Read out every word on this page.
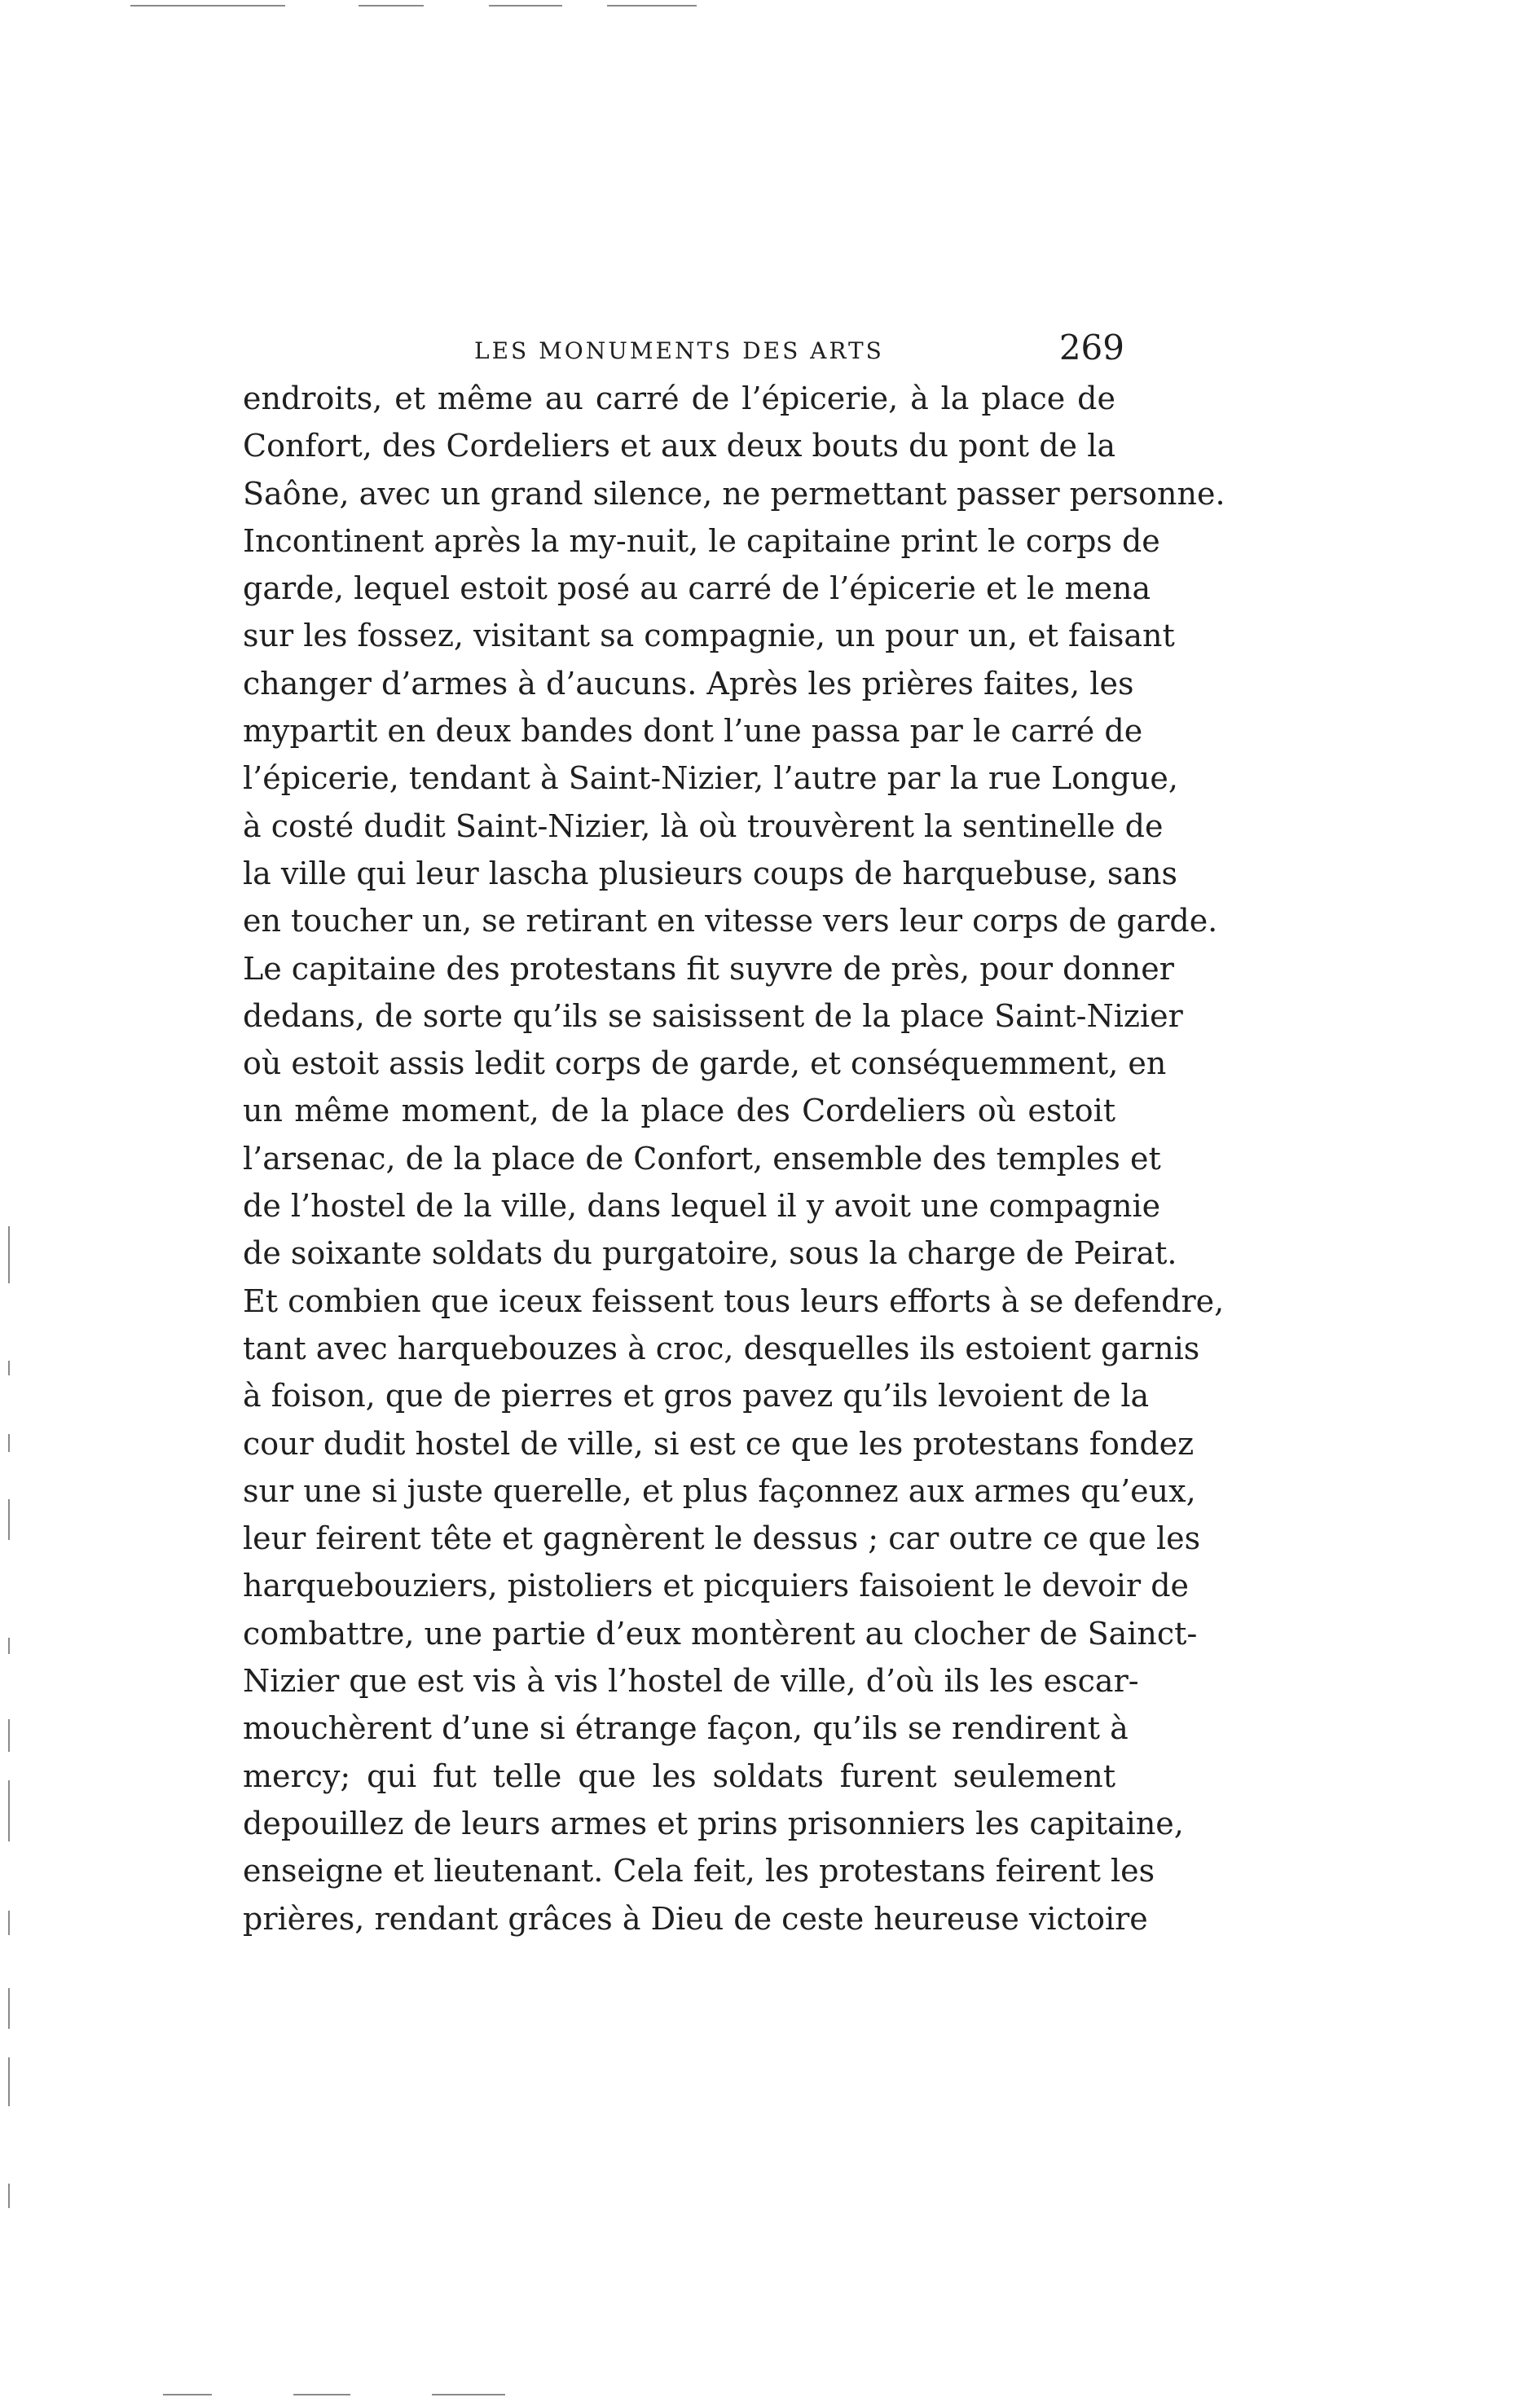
LES MONUMENTS DES ARTS	269
endroits, et même au carré de l’épicerie, à la place de
Confort, des Cordeliers et aux deux bouts du pont de la
Saône, avec un grand silence, ne permettant passer personne.
Incontinent après la my-nuit, le capitaine print le corps de
garde, lequel estoit posé au carré de l’épicerie et le mena
sur les fossez, visitant sa compagnie, un pour un, et faisant
changer d’armes à d’aucuns. Après les prières faites, les
mypartit en deux bandes dont l’une passa par le carré de
l’épicerie, tendant à Saint-Nizier, l’autre par la rue Longue,
à costé dudit Saint-Nizier, là où trouvèrent la sentinelle de
la ville qui leur lascha plusieurs coups de harquebuse, sans
en toucher un, se retirant en vitesse vers leur corps de garde.
Le capitaine des protestans fit suyvre de près, pour donner
dedans, de sorte qu’ils se saisissent de la place Saint-Nizier
où estoit assis ledit corps de garde, et conséquemment, en
un même moment, de la place des Cordeliers où estoit
l’arsenac, de la place de Confort, ensemble des temples et
de l’hostel de la ville, dans lequel il y avoit une compagnie
de soixante soldats du purgatoire, sous la charge de Peirat.
Et combien que iceux feissent tous leurs efforts à se defendre,
tant avec harquebouzes à croc, desquelles ils estoient garnis
à foison, que de pierres et gros pavez qu’ils levoient de la
cour dudit hostel de ville, si est ce que les protestans fondez
sur une si juste querelle, et plus façonnez aux armes qu’eux,
leur feirent tête et gagnèrent le dessus ; car outre ce que les
harquebouziers, pistoliers et picquiers faisoient le devoir de
combattre, une partie d’eux montèrent au clocher de Sainct-
Nizier que est vis à vis l’hostel de ville, d’où ils les escar-
mouchèrent d’une si étrange façon, qu’ils se rendirent à
mercy; qui fut telle que les soldats furent seulement
depouillez de leurs armes et prins prisonniers les capitaine,
enseigne et lieutenant. Cela feit, les protestans feirent les
prières, rendant grâces à Dieu de ceste heureuse victoire
